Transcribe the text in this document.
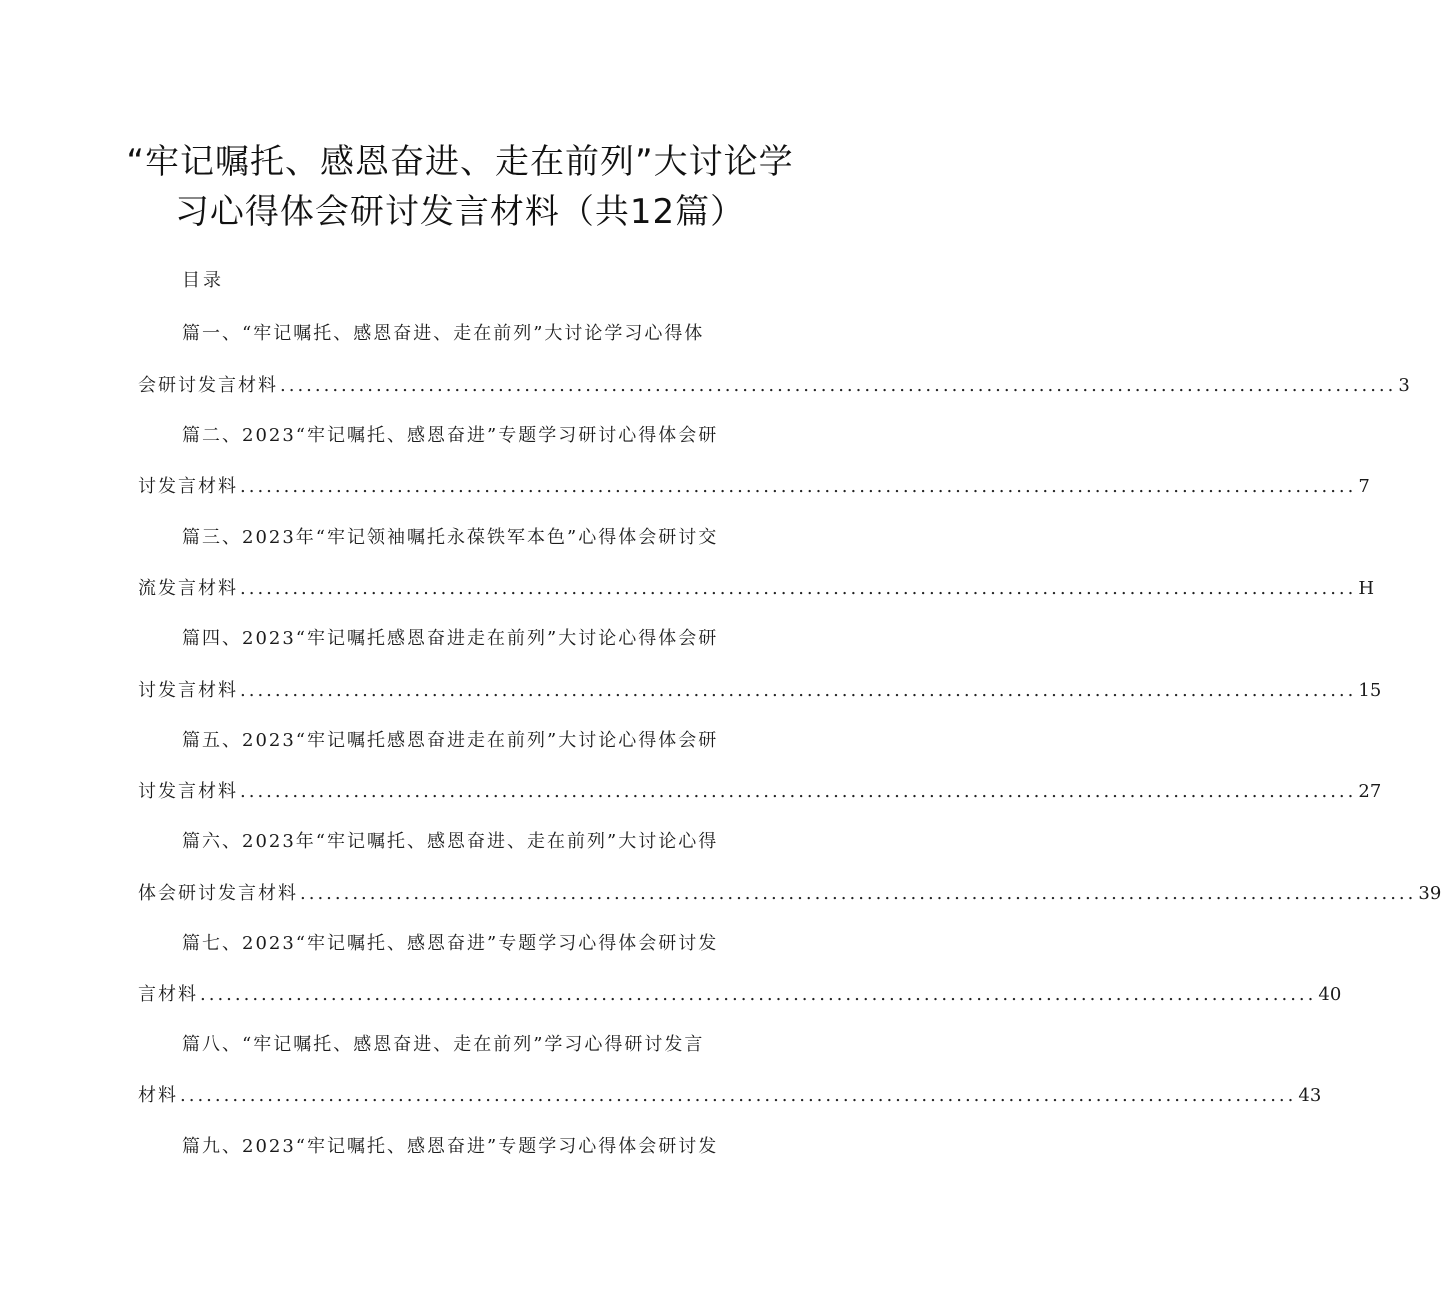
“牢记嘱托、感恩奋进、走在前列”大讨论学
习心得体会研讨发言材料（共12篇）
目录
篇一、“牢记嘱托、感恩奋进、走在前列”大讨论学习心得体
会研讨发言材料 ................................................................................................................................ 3
篇二、2023“牢记嘱托、感恩奋进”专题学习研讨心得体会研
讨发言材料 ................................................................................................................................ 7
篇三、2023年“牢记领袖嘱托永葆铁军本色”心得体会研讨交
流发言材料 ................................................................................................................................ H
篇四、2023“牢记嘱托感恩奋进走在前列”大讨论心得体会研
讨发言材料 ................................................................................................................................ 15
篇五、2023“牢记嘱托感恩奋进走在前列”大讨论心得体会研
讨发言材料 ................................................................................................................................ 27
篇六、2023年“牢记嘱托、感恩奋进、走在前列”大讨论心得
体会研讨发言材料 ................................................................................................................................ 39
篇七、2023“牢记嘱托、感恩奋进”专题学习心得体会研讨发
言材料 ................................................................................................................................ 40
篇八、“牢记嘱托、感恩奋进、走在前列”学习心得研讨发言
材料 ................................................................................................................................ 43
篇九、2023“牢记嘱托、感恩奋进”专题学习心得体会研讨发
